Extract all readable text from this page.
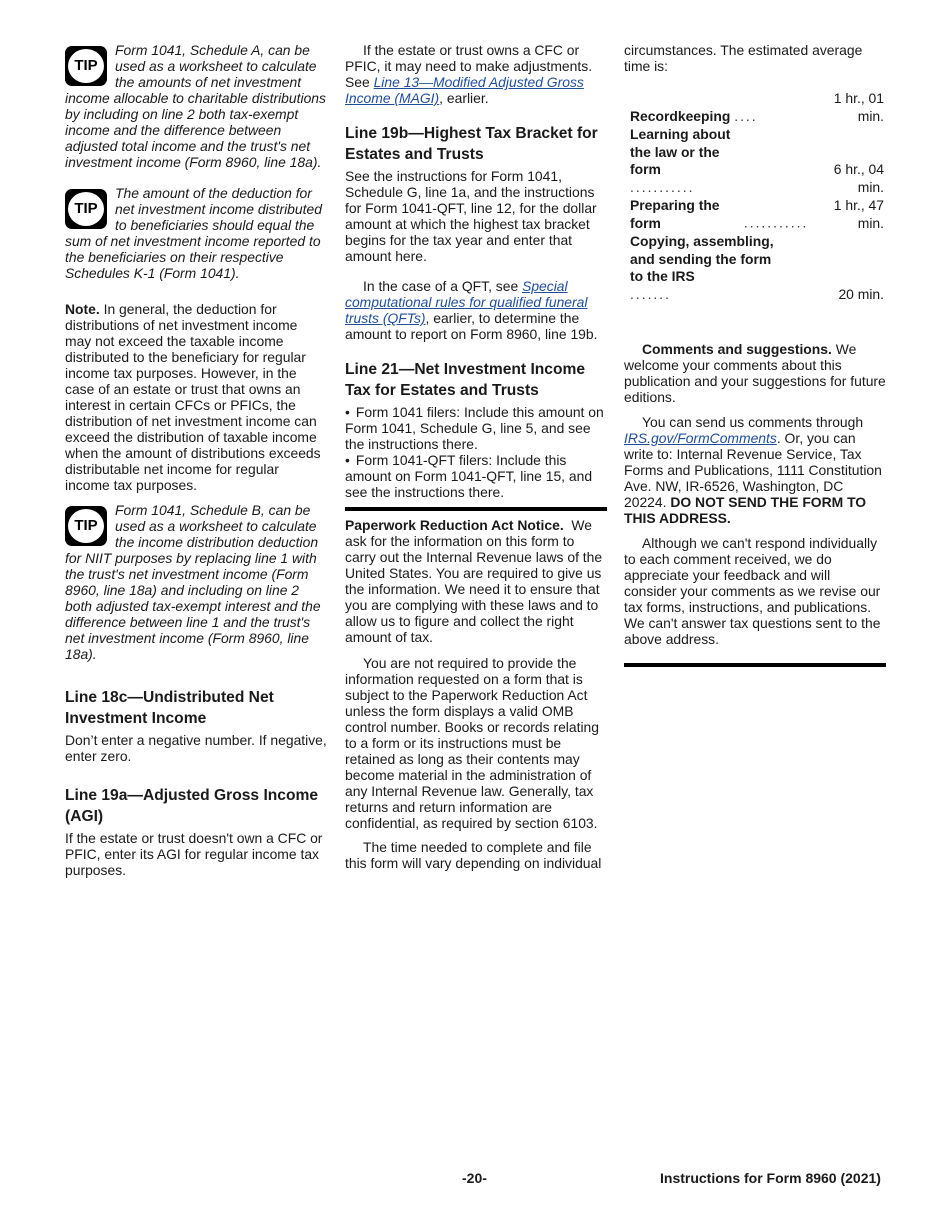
TIP

Form 1041, Schedule A, can be used as a worksheet to calculate the amounts of net investment income allocable to charitable distributions by including on line 2 both tax-exempt income and the difference between adjusted total income and the trust's net investment income (Form 8960, line 18a).

TIP

The amount of the deduction for net investment income distributed to beneficiaries should equal the sum of net investment income reported to the beneficiaries on their respective Schedules K-1 (Form 1041).

Note. In general, the deduction for distributions of net investment income may not exceed the taxable income distributed to the beneficiary for regular income tax purposes. However, in the case of an estate or trust that owns an interest in certain CFCs or PFICs, the distribution of net investment income can exceed the distribution of taxable income when the amount of distributions exceeds distributable net income for regular income tax purposes.

TIP

Form 1041, Schedule B, can be used as a worksheet to calculate the income distribution deduction for NIIT purposes by replacing line 1 with the trust's net investment income (Form 8960, line 18a) and including on line 2 both adjusted tax-exempt interest and the difference between line 1 and the trust's net investment income (Form 8960, line 18a).

Line 18c—Undistributed Net Investment Income

Don’t enter a negative number. If negative, enter zero.

Line 19a—Adjusted Gross Income (AGI)

If the estate or trust doesn't own a CFC or PFIC, enter its AGI for regular income tax purposes.

If the estate or trust owns a CFC or PFIC, it may need to make adjustments. See Line 13—Modified Adjusted Gross Income (MAGI), earlier.

Line 19b—Highest Tax Bracket for Estates and Trusts

See the instructions for Form 1041, Schedule G, line 1a, and the instructions for Form 1041-QFT, line 12, for the dollar amount at which the highest tax bracket begins for the tax year and enter that amount here.

In the case of a QFT, see Special computational rules for qualified funeral trusts (QFTs), earlier, to determine the amount to report on Form 8960, line 19b.

Line 21—Net Investment Income Tax for Estates and Trusts

• Form 1041 filers: Include this amount on Form 1041, Schedule G, line 5, and see the instructions there.

• Form 1041-QFT filers: Include this amount on Form 1041-QFT, line 15, and see the instructions there.

Paperwork Reduction Act Notice. We ask for the information on this form to carry out the Internal Revenue laws of the United States. You are required to give us the information. We need it to ensure that you are complying with these laws and to allow us to figure and collect the right amount of tax.

You are not required to provide the information requested on a form that is subject to the Paperwork Reduction Act unless the form displays a valid OMB control number. Books or records relating to a form or its instructions must be retained as long as their contents may become material in the administration of any Internal Revenue law. Generally, tax returns and return information are confidential, as required by section 6103.

The time needed to complete and file this form will vary depending on individual

circumstances. The estimated average time is:

Recordkeeping ....	1 hr., 01 min.
Learning about the law or the form ...........	6 hr., 04 min.
Preparing the form ...........	1 hr., 47 min.
Copying, assembling, and sending the form to the IRS .......	20 min.

Comments and suggestions. We welcome your comments about this publication and your suggestions for future editions.

You can send us comments through IRS.gov/FormComments. Or, you can write to: Internal Revenue Service, Tax Forms and Publications, 1111 Constitution Ave. NW, IR-6526, Washington, DC 20224. DO NOT SEND THE FORM TO THIS ADDRESS.

Although we can't respond individually to each comment received, we do appreciate your feedback and will consider your comments as we revise our tax forms, instructions, and publications. We can't answer tax questions sent to the above address.

-20-	Instructions for Form 8960 (2021)
